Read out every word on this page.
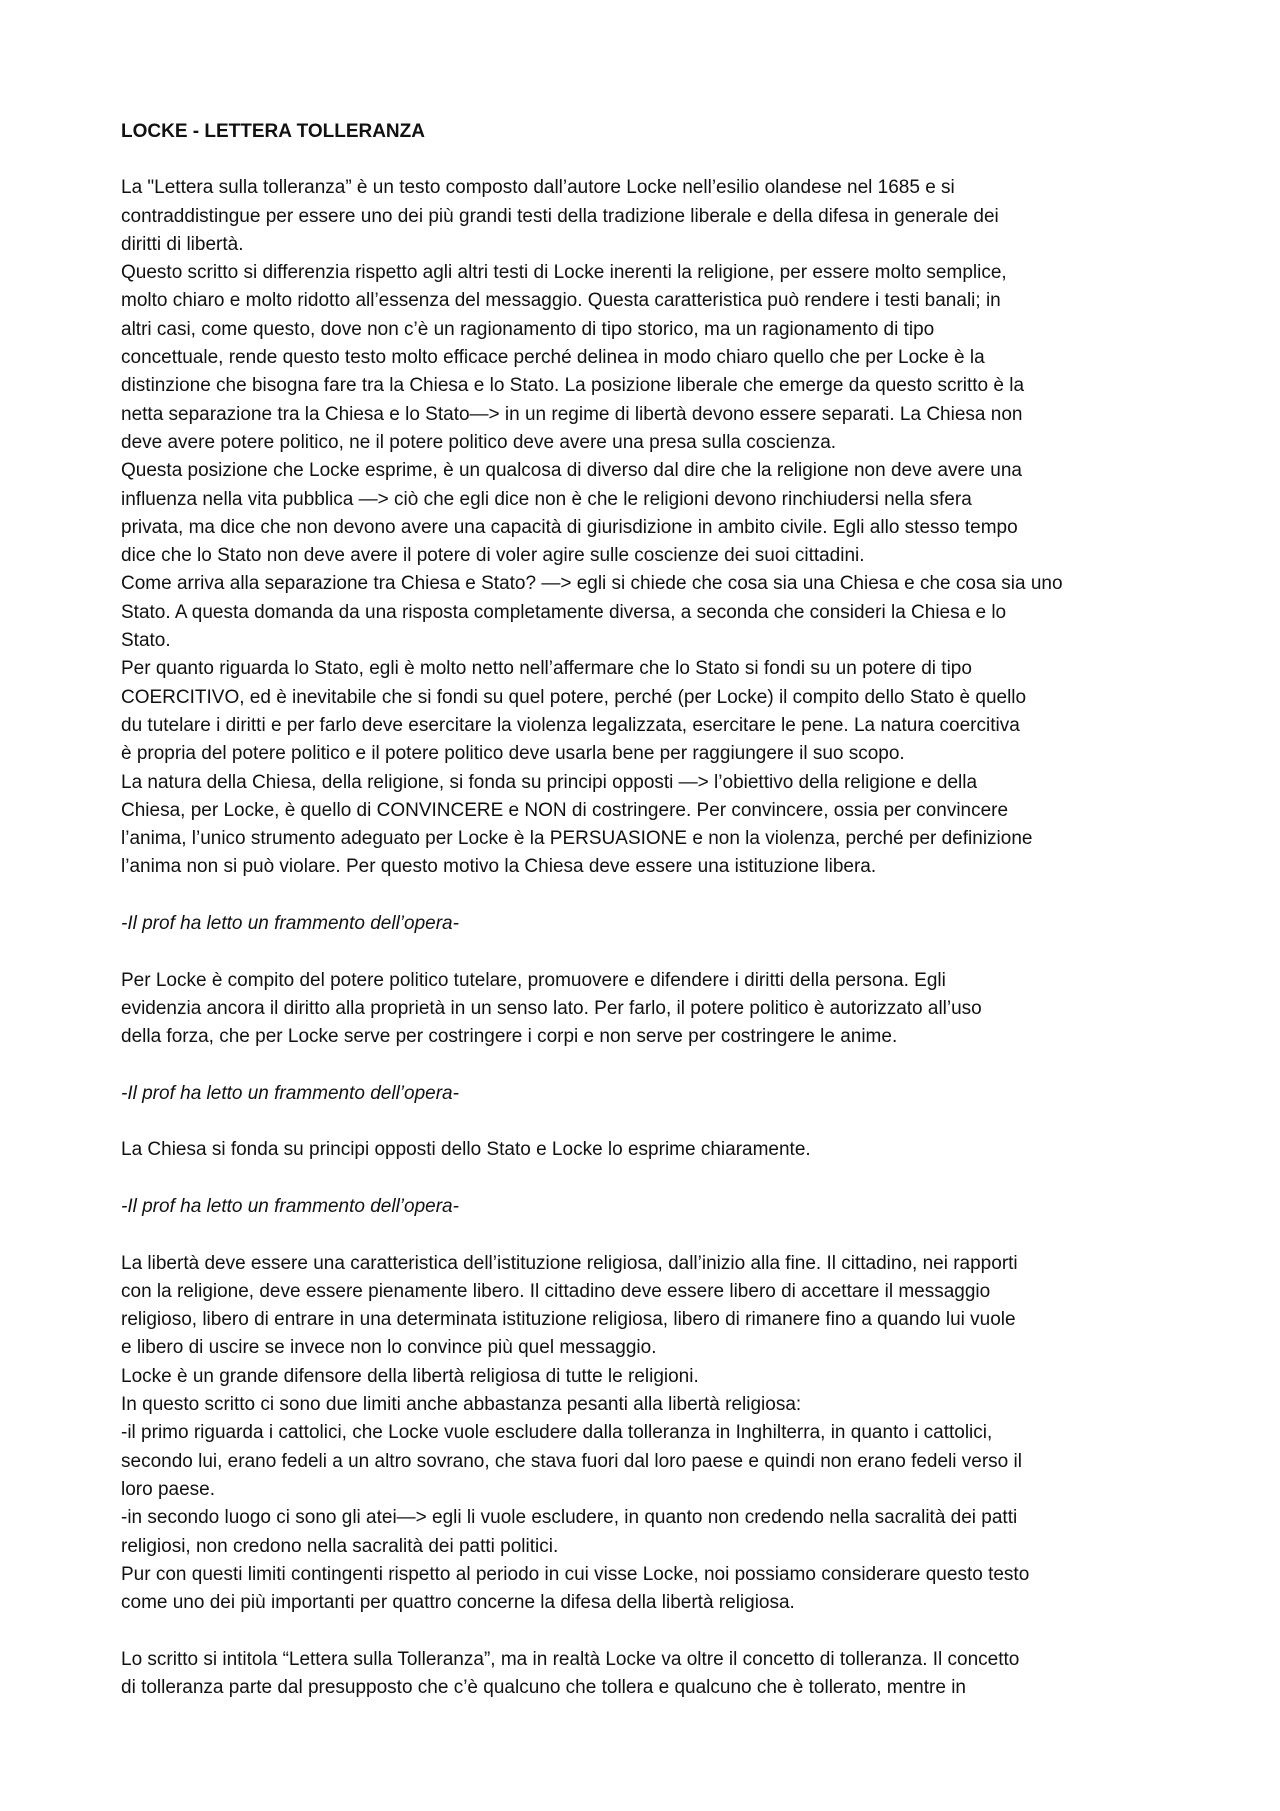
LOCKE - LETTERA TOLLERANZA
La "Lettera sulla tolleranza” è un testo composto dall’autore Locke nell’esilio olandese nel 1685 e si
contraddistingue per essere uno dei più grandi testi della tradizione liberale e della difesa in generale dei
diritti di libertà.
Questo scritto si differenzia rispetto agli altri testi di Locke inerenti la religione, per essere molto semplice,
molto chiaro e molto ridotto all’essenza del messaggio. Questa caratteristica può rendere i testi banali; in
altri casi, come questo, dove non c’è un ragionamento di tipo storico, ma un ragionamento di tipo
concettuale, rende questo testo molto efficace perché delinea in modo chiaro quello che per Locke è la
distinzione che bisogna fare tra la Chiesa e lo Stato. La posizione liberale che emerge da questo scritto è la
netta separazione tra la Chiesa e lo Stato—> in un regime di libertà devono essere separati. La Chiesa non
deve avere potere politico, ne il potere politico deve avere una presa sulla coscienza.
Questa posizione che Locke esprime, è un qualcosa di diverso dal dire che la religione non deve avere una
influenza nella vita pubblica —> ciò che egli dice non è che le religioni devono rinchiudersi nella sfera
privata, ma dice che non devono avere una capacità di giurisdizione in ambito civile. Egli allo stesso tempo
dice che lo Stato non deve avere il potere di voler agire sulle coscienze dei suoi cittadini.
Come arriva alla separazione tra Chiesa e Stato? —> egli si chiede che cosa sia una Chiesa e che cosa sia uno
Stato. A questa domanda da una risposta completamente diversa, a seconda che consideri la Chiesa e lo
Stato.
Per quanto riguarda lo Stato, egli è molto netto nell’affermare che lo Stato si fondi su un potere di tipo
COERCITIVO, ed è inevitabile che si fondi su quel potere, perché (per Locke) il compito dello Stato è quello
du tutelare i diritti e per farlo deve esercitare la violenza legalizzata, esercitare le pene. La natura coercitiva
è propria del potere politico e il potere politico deve usarla bene per raggiungere il suo scopo.
La natura della Chiesa, della religione, si fonda su principi opposti —> l’obiettivo della religione e della
Chiesa, per Locke, è quello di CONVINCERE e NON di costringere. Per convincere, ossia per convincere
l’anima, l’unico strumento adeguato per Locke è la PERSUASIONE e non la violenza, perché per definizione
l’anima non si può violare. Per questo motivo la Chiesa deve essere una istituzione libera.
-Il prof ha letto un frammento dell’opera-
Per Locke è compito del potere politico tutelare, promuovere e difendere i diritti della persona. Egli
evidenzia ancora il diritto alla proprietà in un senso lato. Per farlo, il potere politico è autorizzato all’uso
della forza, che per Locke serve per costringere i corpi e non serve per costringere le anime.
-Il prof ha letto un frammento dell’opera-
La Chiesa si fonda su principi opposti dello Stato e Locke lo esprime chiaramente.
-Il prof ha letto un frammento dell’opera-
La libertà deve essere una caratteristica dell’istituzione religiosa, dall’inizio alla fine. Il cittadino, nei rapporti
con la religione, deve essere pienamente libero. Il cittadino deve essere libero di accettare il messaggio
religioso, libero di entrare in una determinata istituzione religiosa, libero di rimanere fino a quando lui vuole
e libero di uscire se invece non lo convince più quel messaggio.
Locke è un grande difensore della libertà religiosa di tutte le religioni.
In questo scritto ci sono due limiti anche abbastanza pesanti alla libertà religiosa:
-il primo riguarda i cattolici, che Locke vuole escludere dalla tolleranza in Inghilterra, in quanto i cattolici,
secondo lui, erano fedeli a un altro sovrano, che stava fuori dal loro paese e quindi non erano fedeli verso il
loro paese.
-in secondo luogo ci sono gli atei—> egli li vuole escludere, in quanto non credendo nella sacralità dei patti
religiosi, non credono nella sacralità dei patti politici.
Pur con questi limiti contingenti rispetto al periodo in cui visse Locke, noi possiamo considerare questo testo
come uno dei più importanti per quattro concerne la difesa della libertà religiosa.
Lo scritto si intitola “Lettera sulla Tolleranza”, ma in realtà Locke va oltre il concetto di tolleranza. Il concetto
di tolleranza parte dal presupposto che c’è qualcuno che tollera e qualcuno che è tollerato, mentre in
